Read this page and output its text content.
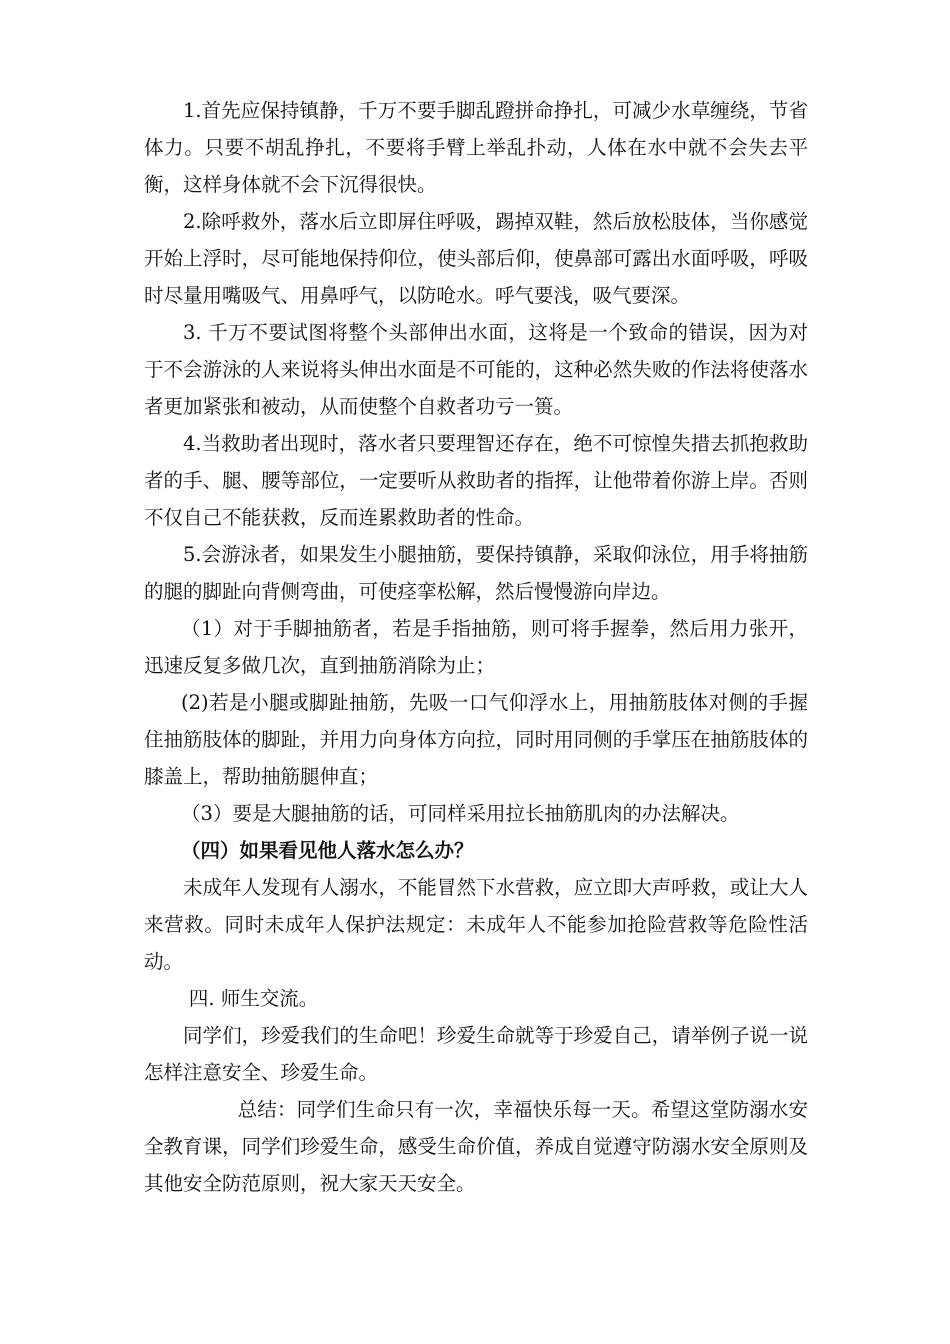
1.首先应保持镇静，千万不要手脚乱蹬拼命挣扎，可减少水草缠绕，节省体力。只要不胡乱挣扎，不要将手臂上举乱扑动，人体在水中就不会失去平衡，这样身体就不会下沉得很快。

2.除呼救外，落水后立即屏住呼吸，踢掉双鞋，然后放松肢体，当你感觉开始上浮时，尽可能地保持仰位，使头部后仰，使鼻部可露出水面呼吸，呼吸时尽量用嘴吸气、用鼻呼气，以防呛水。呼气要浅，吸气要深。

3. 千万不要试图将整个头部伸出水面，这将是一个致命的错误，因为对于不会游泳的人来说将头伸出水面是不可能的，这种必然失败的作法将使落水者更加紧张和被动，从而使整个自救者功亏一篑。

4.当救助者出现时，落水者只要理智还存在，绝不可惊惶失措去抓抱救助者的手、腿、腰等部位，一定要听从救助者的指挥，让他带着你游上岸。否则不仅自己不能获救，反而连累救助者的性命。

5.会游泳者，如果发生小腿抽筋，要保持镇静，采取仰泳位，用手将抽筋的腿的脚趾向背侧弯曲，可使痉挛松解，然后慢慢游向岸边。

（1）对于手脚抽筋者，若是手指抽筋，则可将手握拳，然后用力张开，迅速反复多做几次，直到抽筋消除为止；

(2)若是小腿或脚趾抽筋，先吸一口气仰浮水上，用抽筋肢体对侧的手握住抽筋肢体的脚趾，并用力向身体方向拉，同时用同侧的手掌压在抽筋肢体的膝盖上，帮助抽筋腿伸直；

（3）要是大腿抽筋的话，可同样采用拉长抽筋肌肉的办法解决。

（四）如果看见他人落水怎么办？

未成年人发现有人溺水，不能冒然下水营救，应立即大声呼救，或让大人来营救。同时未成年人保护法规定：未成年人不能参加抢险营救等危险性活动。

四. 师生交流。

同学们，珍爱我们的生命吧！珍爱生命就等于珍爱自己，请举例子说一说怎样注意安全、珍爱生命。

总结：同学们生命只有一次，幸福快乐每一天。希望这堂防溺水安全教育课，同学们珍爱生命，感受生命价值，养成自觉遵守防溺水安全原则及其他安全防范原则，祝大家天天安全。
